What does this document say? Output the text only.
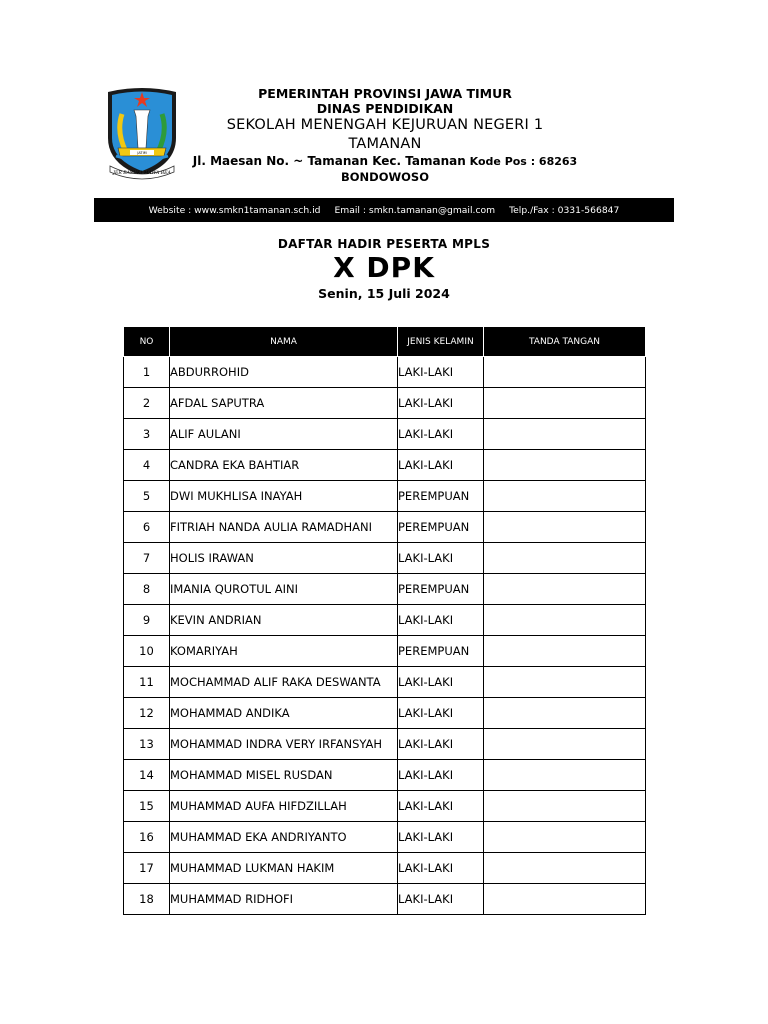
JATIM
JER BASUKI MAWA BEA
PEMERINTAH PROVINSI JAWA TIMUR
DINAS PENDIDIKAN
SEKOLAH MENENGAH KEJURUAN NEGERI 1
TAMANAN
Jl. Maesan No. ~ Tamanan Kec. Tamanan Kode Pos : 68263
BONDOWOSO
Website : www.smkn1tamanan.sch.id Email : smkn.tamanan@gmail.com Telp./Fax : 0331-566847
DAFTAR HADIR PESERTA MPLS
X DPK
Senin, 15 Juli 2024
NO	NAMA	JENIS KELAMIN	TANDA TANGAN
1	ABDURROHID	LAKI-LAKI	
2	AFDAL SAPUTRA	LAKI-LAKI	
3	ALIF AULANI	LAKI-LAKI	
4	CANDRA EKA BAHTIAR	LAKI-LAKI	
5	DWI MUKHLISA INAYAH	PEREMPUAN	
6	FITRIAH NANDA AULIA RAMADHANI	PEREMPUAN	
7	HOLIS IRAWAN	LAKI-LAKI	
8	IMANIA QUROTUL AINI	PEREMPUAN	
9	KEVIN ANDRIAN	LAKI-LAKI	
10	KOMARIYAH	PEREMPUAN	
11	MOCHAMMAD ALIF RAKA DESWANTA	LAKI-LAKI	
12	MOHAMMAD ANDIKA	LAKI-LAKI	
13	MOHAMMAD INDRA VERY IRFANSYAH	LAKI-LAKI	
14	MOHAMMAD MISEL RUSDAN	LAKI-LAKI	
15	MUHAMMAD AUFA HIFDZILLAH	LAKI-LAKI	
16	MUHAMMAD EKA ANDRIYANTO	LAKI-LAKI	
17	MUHAMMAD LUKMAN HAKIM	LAKI-LAKI	
18	MUHAMMAD RIDHOFI	LAKI-LAKI	
